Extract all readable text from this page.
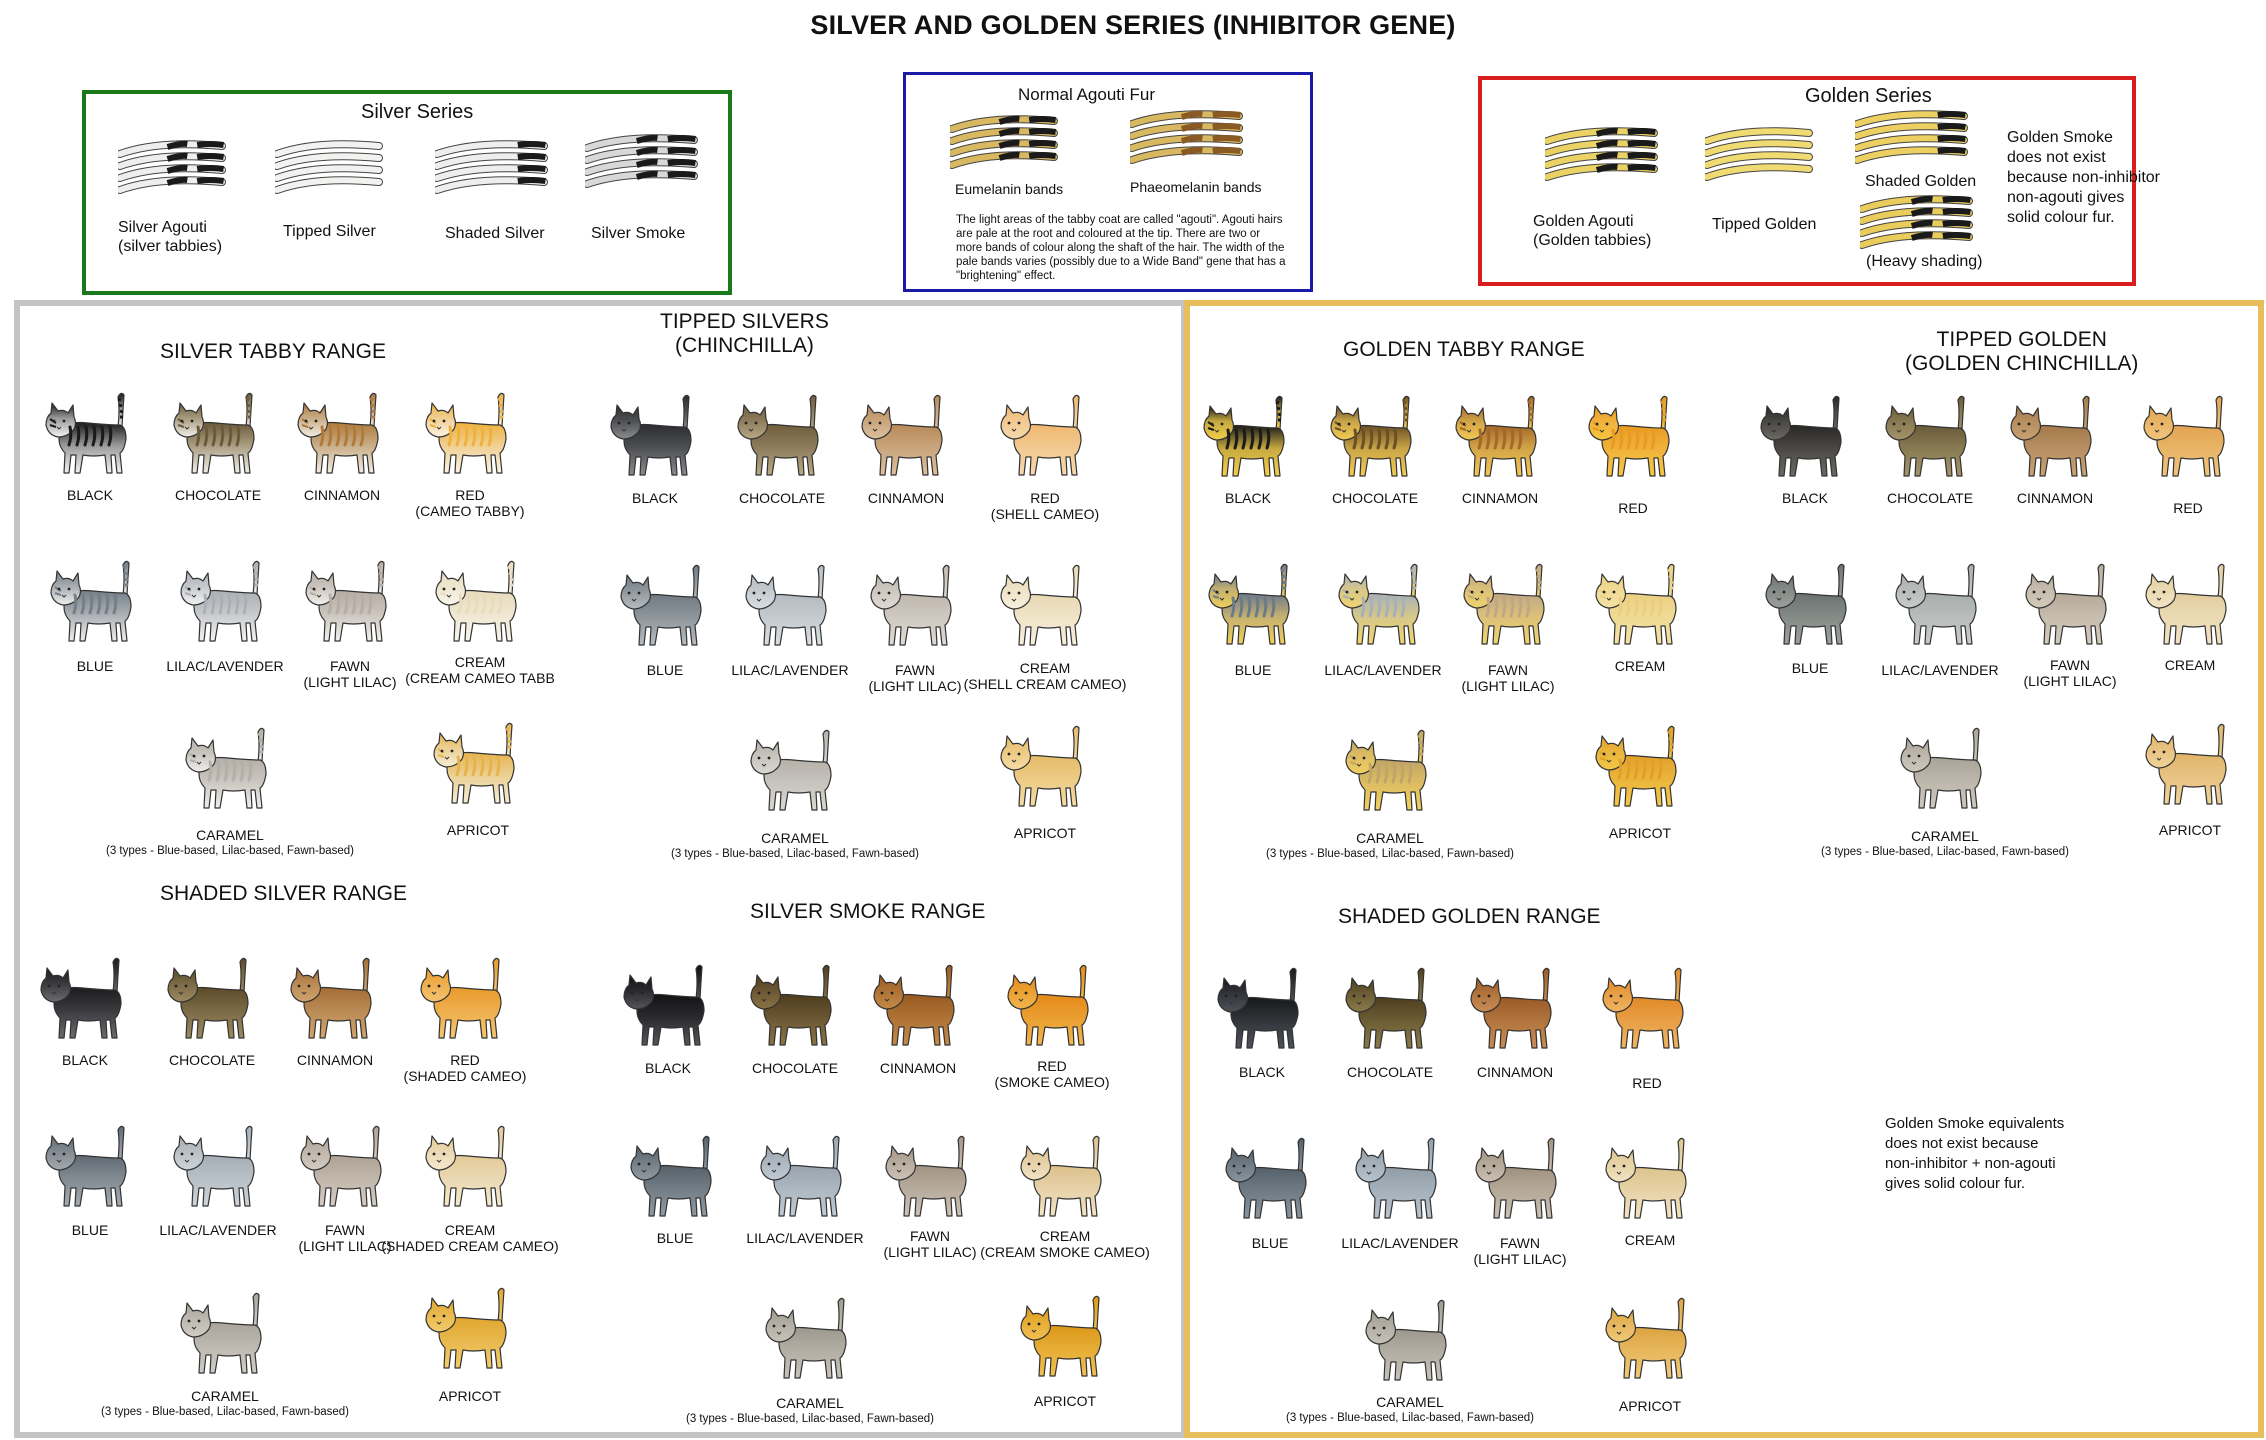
SILVER AND GOLDEN SERIES (INHIBITOR GENE)
Silver Series
Normal Agouti Fur
The light areas of the tabby coat are called "agouti". Agouti hairs are pale at the root and coloured at the tip. There are two or more bands of colour along the shaft of the hair. The width of the pale bands varies (possibly due to a Wide Band" gene that has a "brightening" effect.
Golden Series
SILVER TABBY RANGE
TIPPED SILVERS
(CHINCHILLA)
SHADED SILVER RANGE
SILVER SMOKE RANGE
GOLDEN TABBY RANGE	TIPPED GOLDEN
(GOLDEN CHINCHILLA)
SHADED GOLDEN RANGE
BLACK	CHOCOLATE	CINNAMON	RED
(CAMEO TABBY)
BLUE	LILAC/LAVENDER	FAWN
(LIGHT LILAC)
CREAM
(CREAM CAMEO TABB
CARAMEL
(3 types - Blue-based, Lilac-based, Fawn-based)
APRICOT
BLACK	CHOCOLATE	CINNAMON	RED
(SHELL CAMEO)
BLUE	LILAC/LAVENDER	FAWN
(LIGHT LILAC)
CREAM
(SHELL CREAM CAMEO)
CARAMEL
(3 types - Blue-based, Lilac-based, Fawn-based)
APRICOT
BLACK	CHOCOLATE	CINNAMON	RED
(SHADED CAMEO)
BLUE	LILAC/LAVENDER	FAWN
(LIGHT LILAC)
CREAM
(SHADED CREAM CAMEO)
CARAMEL
(3 types - Blue-based, Lilac-based, Fawn-based)
APRICOT
BLACK	CHOCOLATE	CINNAMON	RED
(SMOKE CAMEO)
BLUE	LILAC/LAVENDER	FAWN
(LIGHT LILAC)
CREAM
(CREAM SMOKE CAMEO)
CARAMEL
(3 types - Blue-based, Lilac-based, Fawn-based)
APRICOT
BLACK	CHOCOLATE	CINNAMON
RED
BLUE	LILAC/LAVENDER	FAWN
(LIGHT LILAC)
CREAM
CARAMEL
(3 types - Blue-based, Lilac-based, Fawn-based)
APRICOT
BLACK	CHOCOLATE	CINNAMON
RED
BLUE	LILAC/LAVENDER	FAWN
(LIGHT LILAC)
CREAM
CARAMEL
(3 types - Blue-based, Lilac-based, Fawn-based)
APRICOT
BLACK	CHOCOLATE	CINNAMON
RED
BLUE	LILAC/LAVENDER	FAWN
(LIGHT LILAC)
CREAM
CARAMEL
(3 types - Blue-based, Lilac-based, Fawn-based)
APRICOT
Silver Agouti
(silver tabbies)
Tipped Silver	Shaded Silver	Silver Smoke
Eumelanin bands	Phaeomelanin bands
Golden Agouti
(Golden tabbies)
Tipped Golden
Shaded Golden
(Heavy shading)
Golden Smoke
does not exist
because non-inhibitor
non-agouti gives
solid colour fur.
Golden Smoke equivalents
does not exist because
non-inhibitor + non-agouti
gives solid colour fur.
